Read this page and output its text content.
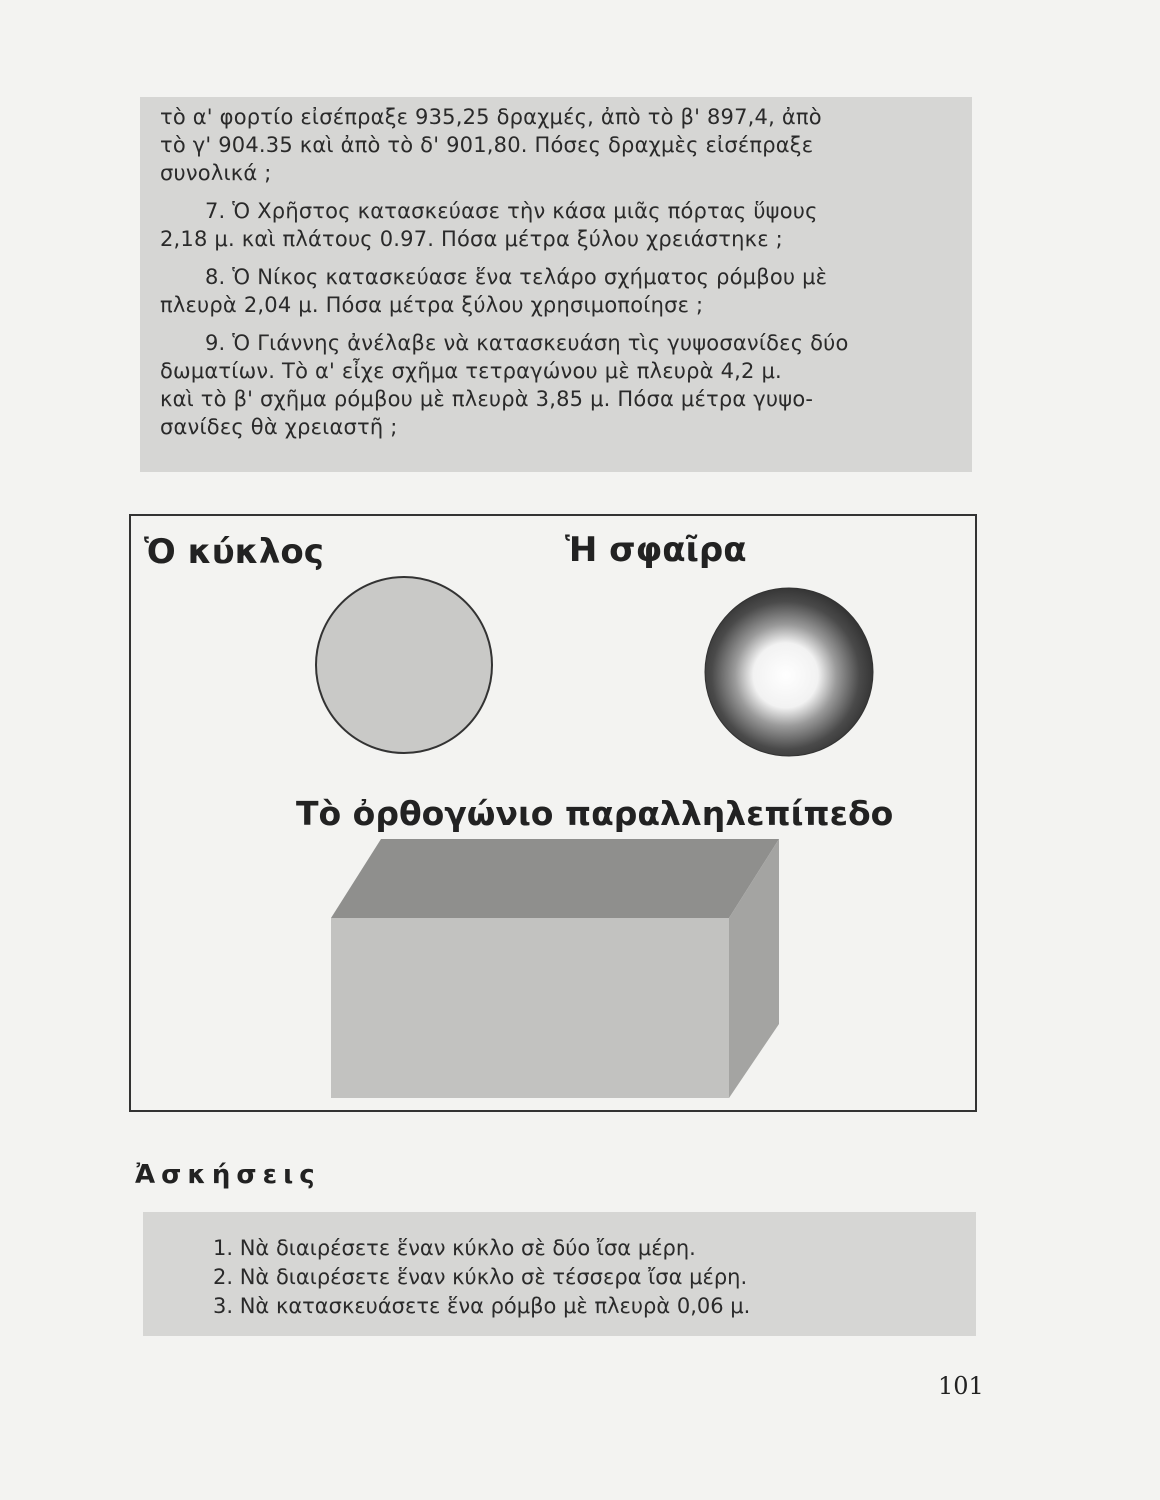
τὸ α' φορτίο εἰσέπραξε 935,25 δραχμές, ἀπὸ τὸ β' 897,4, ἀπὸ

τὸ γ' 904.35 καὶ ἀπὸ τὸ δ' 901,80. Πόσες δραχμὲς εἰσέπραξε

συνολικά ;

7. Ὁ Χρῆστος κατασκεύασε τὴν κάσα μιᾶς πόρτας ὕψους

2,18 μ. καὶ πλάτους 0.97. Πόσα μέτρα ξύλου χρειάστηκε ;

8. Ὁ Νίκος κατασκεύασε ἕνα τελάρο σχήματος ρόμβου μὲ

πλευρὰ 2,04 μ. Πόσα μέτρα ξύλου χρησιμοποίησε ;

9. Ὁ Γιάννης ἀνέλαβε νὰ κατασκευάση τὶς γυψοσανίδες δύο

δωματίων. Τὸ α' εἶχε σχῆμα τετραγώνου μὲ πλευρὰ 4,2 μ.

καὶ τὸ β' σχῆμα ρόμβου μὲ πλευρὰ 3,85 μ. Πόσα μέτρα γυψο-

σανίδες θὰ χρειαστῆ ;

Ὁ κύκλος	Ἡ σφαῖρα
Τὸ ὀρθογώνιο παραλληλεπίπεδο
Ἀσκήσεις

1. Νὰ διαιρέσετε ἕναν κύκλο σὲ δύο ἴσα μέρη.

2. Νὰ διαιρέσετε ἕναν κύκλο σὲ τέσσερα ἴσα μέρη.

3. Νὰ κατασκευάσετε ἕνα ρόμβο μὲ πλευρὰ 0,06 μ.

101
